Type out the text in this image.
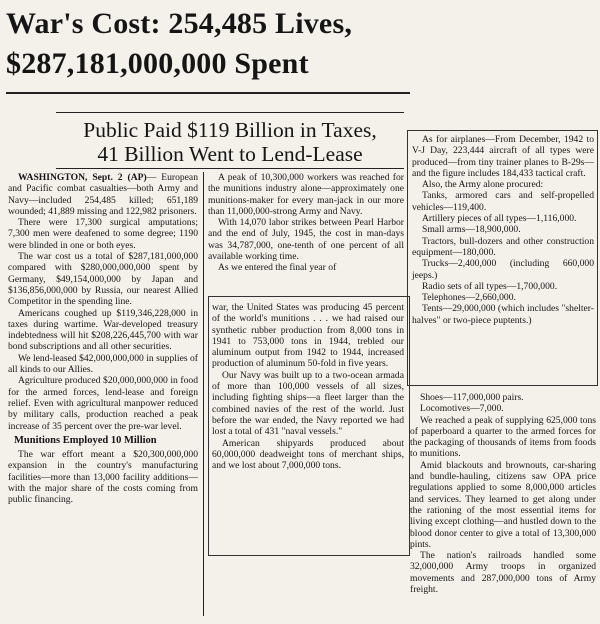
War's Cost: 254,485 Lives,
$287,181,000,000 Spent
Public Paid $119 Billion in Taxes,
41 Billion Went to Lend-Lease

WASHINGTON, Sept. 2 (AP)— European and Pacific combat casualties—both Army and Navy—included 254,485 killed; 651,189 wounded; 41,889 missing and 122,982 prisoners.

There were 17,300 surgical amputations; 7,300 men were deafened to some degree; 1190 were blinded in one or both eyes.

The war cost us a total of $287,181,000,000 compared with $280,000,000,000 spent by Germany, $49,154,000,000 by Japan and $136,856,000,000 by Russia, our nearest Allied Competitor in the spending line.

Americans coughed up $119,346,228,000 in taxes during wartime. War-developed treasury indebtedness will hit $208,226,445,700 with war bond subscriptions and all other securities.

We lend-leased $42,000,000,000 in supplies of all kinds to our Allies.

Agriculture produced $20,000,000,000 in food for the armed forces, lend-lease and foreign relief. Even with agricultural manpower reduced by military calls, production reached a peak increase of 35 percent over the pre-war level.

Munitions Employed 10 Million

The war effort meant a $20,300,000,000 expansion in the country's manufacturing facilities—more than 13,000 facility additions—with the major share of the costs coming from public financing.

A peak of 10,300,000 workers was reached for the munitions industry alone—approximately one munitions-maker for every man-jack in our more than 11,000,000-strong Army and Navy.

With 14,070 labor strikes between Pearl Harbor and the end of July, 1945, the cost in man-days was 34,787,000, one-tenth of one percent of all available working time.

As we entered the final year of

war, the United States was producing 45 percent of the world's munitions . . . we had raised our synthetic rubber production from 8,000 tons in 1941 to 753,000 tons in 1944, trebled our aluminum output from 1942 to 1944, increased production of aluminum 50-fold in five years.

Our Navy was built up to a two-ocean armada of more than 100,000 vessels of all sizes, including fighting ships—a fleet larger than the combined navies of the rest of the world. Just before the war ended, the Navy reported we had lost a total of 431 "naval vessels."

American shipyards produced about 60,000,000 deadweight tons of merchant ships, and we lost about 7,000,000 tons.

As for airplanes—From December, 1942 to V-J Day, 223,444 aircraft of all types were produced—from tiny trainer planes to B-29s—and the figure includes 184,433 tactical craft.

Also, the Army alone procured:

Tanks, armored cars and self-propelled vehicles—119,400.

Artillery pieces of all types—1,116,000.

Small arms—18,900,000.

Tractors, bull-dozers and other construction equipment—180,000.

Trucks—2,400,000 (including 660,000 jeeps.)

Radio sets of all types—1,700,000.

Telephones—2,660,000.

Tents—29,000,000 (which includes "shelter-halves" or two-piece puptents.)

Shoes—117,000,000 pairs.

Locomotives—7,000.

We reached a peak of supplying 625,000 tons of paperboard a quarter to the armed forces for the packaging of thousands of items from foods to munitions.

Amid blackouts and brownouts, car-sharing and bundle-hauling, citizens saw OPA price regulations applied to some 8,000,000 articles and services. They learned to get along under the rationing of the most essential items for living except clothing—and hustled down to the blood donor center to give a total of 13,300,000 pints.

The nation's railroads handled some 32,000,000 Army troops in organized movements and 287,000,000 tons of Army freight.
